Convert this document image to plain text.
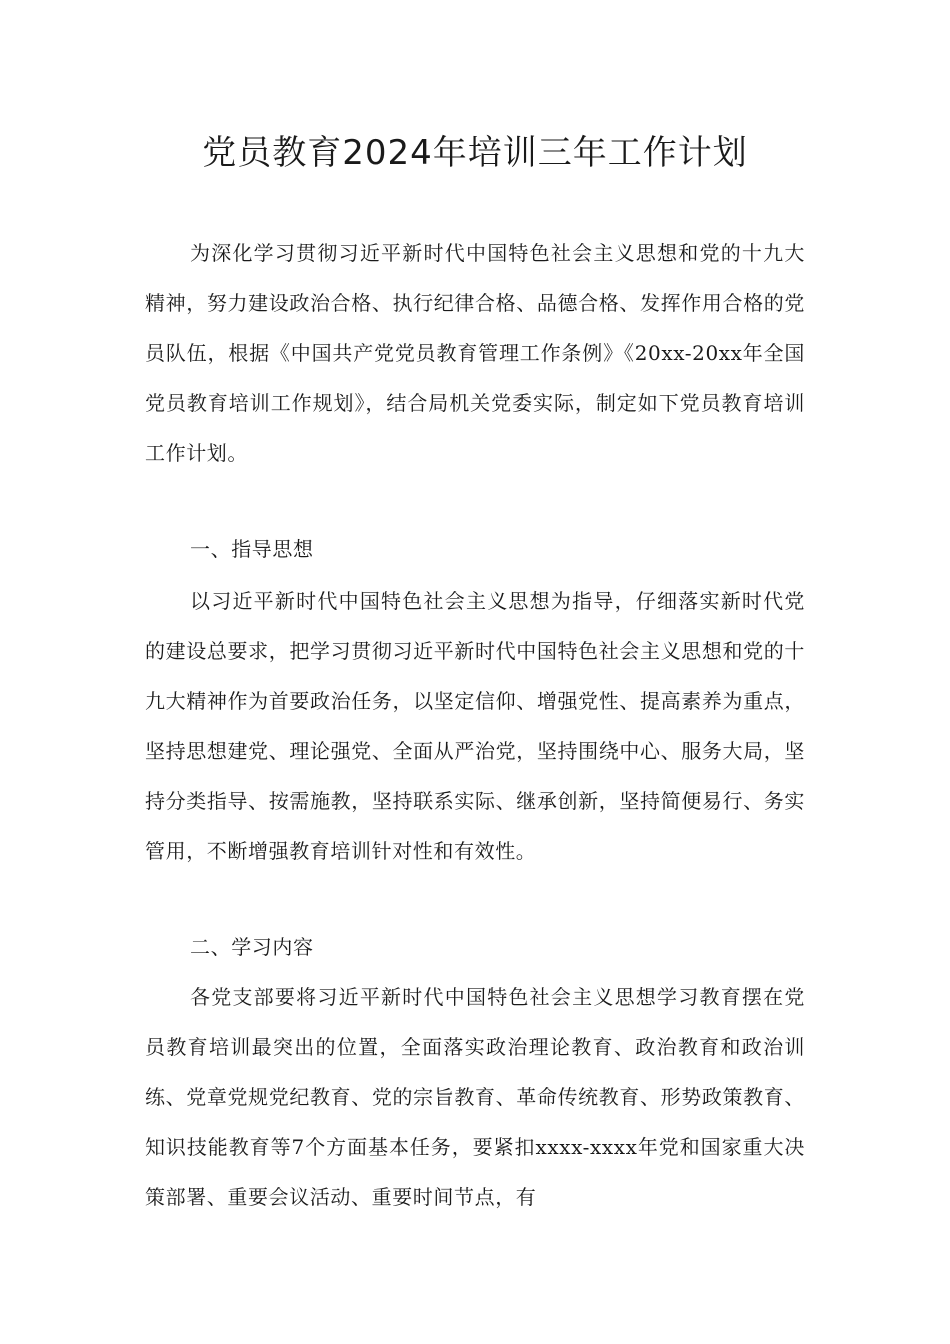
党员教育2024年培训三年工作计划

为深化学习贯彻习近平新时代中国特色社会主义思想和党的十九大精神，努力建设政治合格、执行纪律合格、品德合格、发挥作用合格的党员队伍，根据《中国共产党党员教育管理工作条例》《20xx-20xx年全国党员教育培训工作规划》，结合局机关党委实际，制定如下党员教育培训工作计划。

一、指导思想

以习近平新时代中国特色社会主义思想为指导，仔细落实新时代党的建设总要求，把学习贯彻习近平新时代中国特色社会主义思想和党的十九大精神作为首要政治任务，以坚定信仰、增强党性、提高素养为重点，坚持思想建党、理论强党、全面从严治党，坚持围绕中心、服务大局，坚持分类指导、按需施教，坚持联系实际、继承创新，坚持简便易行、务实管用，不断增强教育培训针对性和有效性。

二、学习内容

各党支部要将习近平新时代中国特色社会主义思想学习教育摆在党员教育培训最突出的位置，全面落实政治理论教育、政治教育和政治训练、党章党规党纪教育、党的宗旨教育、革命传统教育、形势政策教育、知识技能教育等7个方面基本任务，要紧扣xxxx-xxxx年党和国家重大决策部署、重要会议活动、重要时间节点，有
